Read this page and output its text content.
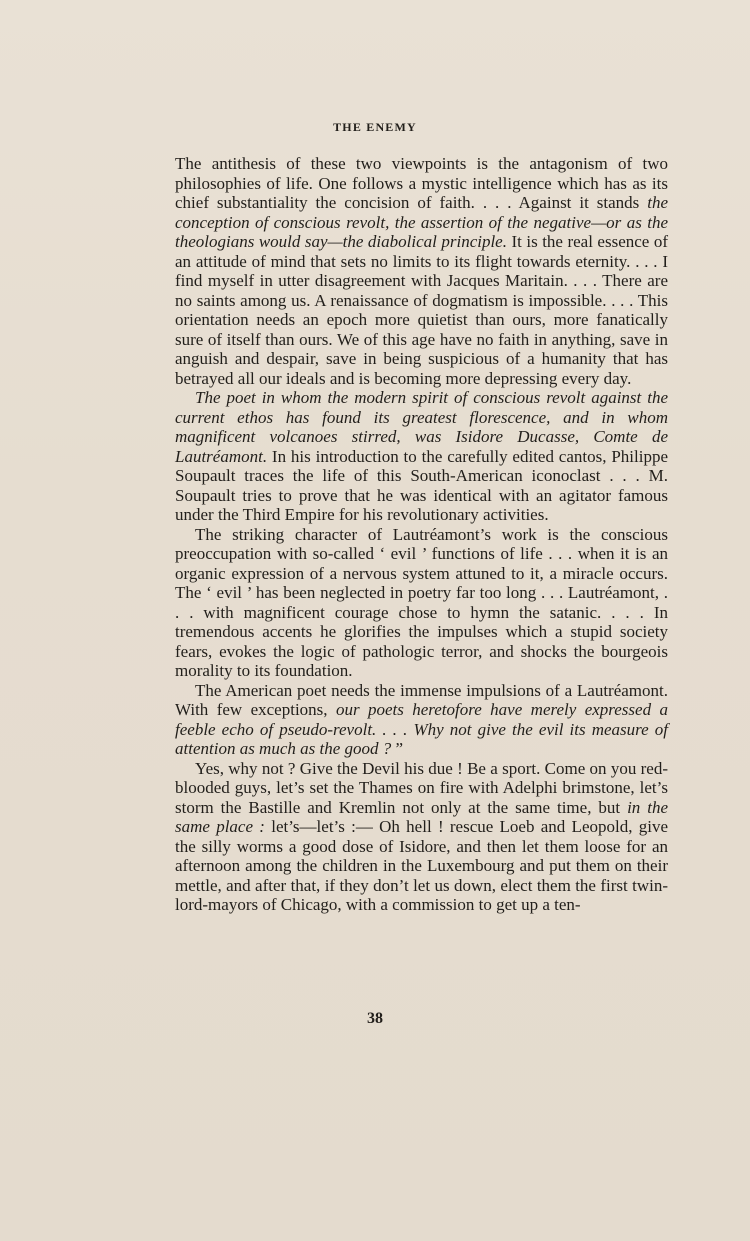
THE ENEMY

The antithesis of these two viewpoints is the antagonism of two philosophies of life. One follows a mystic intelligence which has as its chief substantiality the concision of faith. . . . Against it stands the conception of conscious revolt, the assertion of the negative—or as the theologians would say—the diabolical principle. It is the real essence of an attitude of mind that sets no limits to its flight towards eternity. . . . I find myself in utter disagreement with Jacques Maritain. . . . There are no saints among us. A renaissance of dogmatism is impossible. . . . This orientation needs an epoch more quietist than ours, more fanatically sure of itself than ours. We of this age have no faith in anything, save in anguish and despair, save in being suspicious of a humanity that has betrayed all our ideals and is becoming more depressing every day.

The poet in whom the modern spirit of conscious revolt against the current ethos has found its greatest florescence, and in whom magnificent volcanoes stirred, was Isidore Ducasse, Comte de Lautréamont. In his introduction to the carefully edited cantos, Philippe Soupault traces the life of this South-American iconoclast . . . M. Soupault tries to prove that he was identical with an agitator famous under the Third Empire for his revolutionary activities.

The striking character of Lautréamont’s work is the conscious preoccupation with so-called ‘ evil ’ functions of life . . . when it is an organic expression of a nervous system attuned to it, a miracle occurs. The ‘ evil ’ has been neglected in poetry far too long . . . Lautréamont, . . . with magnificent courage chose to hymn the satanic. . . . In tremendous accents he glorifies the impulses which a stupid society fears, evokes the logic of pathologic terror, and shocks the bourgeois morality to its foundation.

The American poet needs the immense impulsions of a Lautréamont. With few exceptions, our poets heretofore have merely expressed a feeble echo of pseudo-revolt. . . . Why not give the evil its measure of attention as much as the good ? ”

Yes, why not ? Give the Devil his due ! Be a sport. Come on you red-blooded guys, let’s set the Thames on fire with Adelphi brimstone, let’s storm the Bastille and Kremlin not only at the same time, but in the same place : let’s—let’s :— Oh hell ! rescue Loeb and Leopold, give the silly worms a good dose of Isidore, and then let them loose for an afternoon among the children in the Luxembourg and put them on their mettle, and after that, if they don’t let us down, elect them the first twin-lord-mayors of Chicago, with a commission to get up a ten-

38
